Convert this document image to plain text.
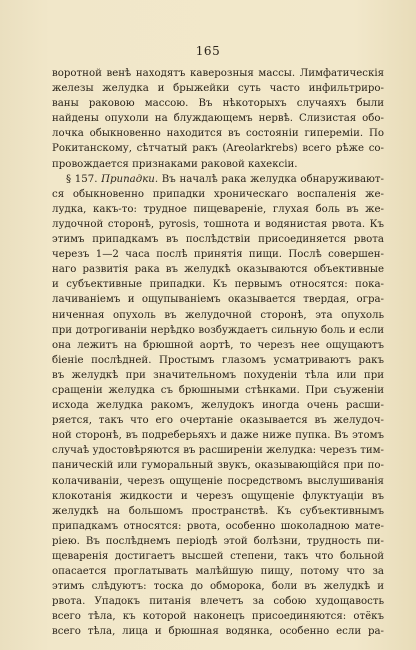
165
воротной венѣ находятъ каверозныя массы. Лимфатическія
железы желудка и брыжейки суть часто инфильтриро-
ваны раковою массою. Въ нѣкоторыхъ случаяхъ были
найдены опухоли на блуждающемъ нервѣ. Слизистая обо-
лочка обыкновенно находится въ состояніи гипереміи. По
Рокитанскому, сѣтчатый ракъ (Areolarkrebs) всего рѣже со-
провождается признаками раковой кахексіи.
§ 157. Припадки. Въ началѣ рака желудка обнаруживают-
ся обыкновенно припадки хроническаго воспаленія же-
лудка, какъ-то: трудное пищевареніе, глухая боль въ же-
лудочной сторонѣ, pyrosis, тошнота и водянистая рвота. Къ
этимъ припадкамъ въ послѣдствіи присоединяется рвота
черезъ 1—2 часа послѣ принятія пищи. Послѣ совершен-
наго развитія рака въ желудкѣ оказываются объективные
и субъективные припадки. Къ первымъ относятся: пока-
лачиваніемъ и ощупываніемъ оказывается твердая, огра-
ниченная опухоль въ желудочной сторонѣ, эта опухоль
при дотрогиваніи нерѣдко возбуждаетъ сильную боль и если
она лежитъ на брюшной аортѣ, то черезъ нее ощущаютъ
біеніе послѣдней. Простымъ глазомъ усматриваютъ ракъ
въ желудкѣ при значительномъ похуденіи тѣла или при
сращеніи желудка съ брюшными стѣнками. При съуженіи
исхода желудка ракомъ, желудокъ иногда очень расши-
ряется, такъ что его очертаніе оказывается въ желудоч-
ной сторонѣ, въ подреберьяхъ и даже ниже пупка. Въ этомъ
случаѣ удостовѣряются въ расширеніи желудка: черезъ тим-
паническій или гуморальный звукъ, оказывающійся при по-
колачиваніи, черезъ ощущеніе посредствомъ выслушиванія
клокотанія жидкости и черезъ ощущеніе флуктуаціи въ
желудкѣ на большомъ пространствѣ. Къ субъективнымъ
припадкамъ относятся: рвота, особенно шоколадною мате-
ріею. Въ послѣднемъ періодѣ этой болѣзни, трудность пи-
щеваренія достигаетъ высшей степени, такъ что больной
опасается проглатывать малѣйшую пищу, потому что за
этимъ слѣдуютъ: тоска до обморока, боли въ желудкѣ и
рвота. Упадокъ питанія влечетъ за собою худощавость
всего тѣла, къ которой наконецъ присоединяются: отёкъ
всего тѣла, лица и брюшная водянка, особенно если ра-
